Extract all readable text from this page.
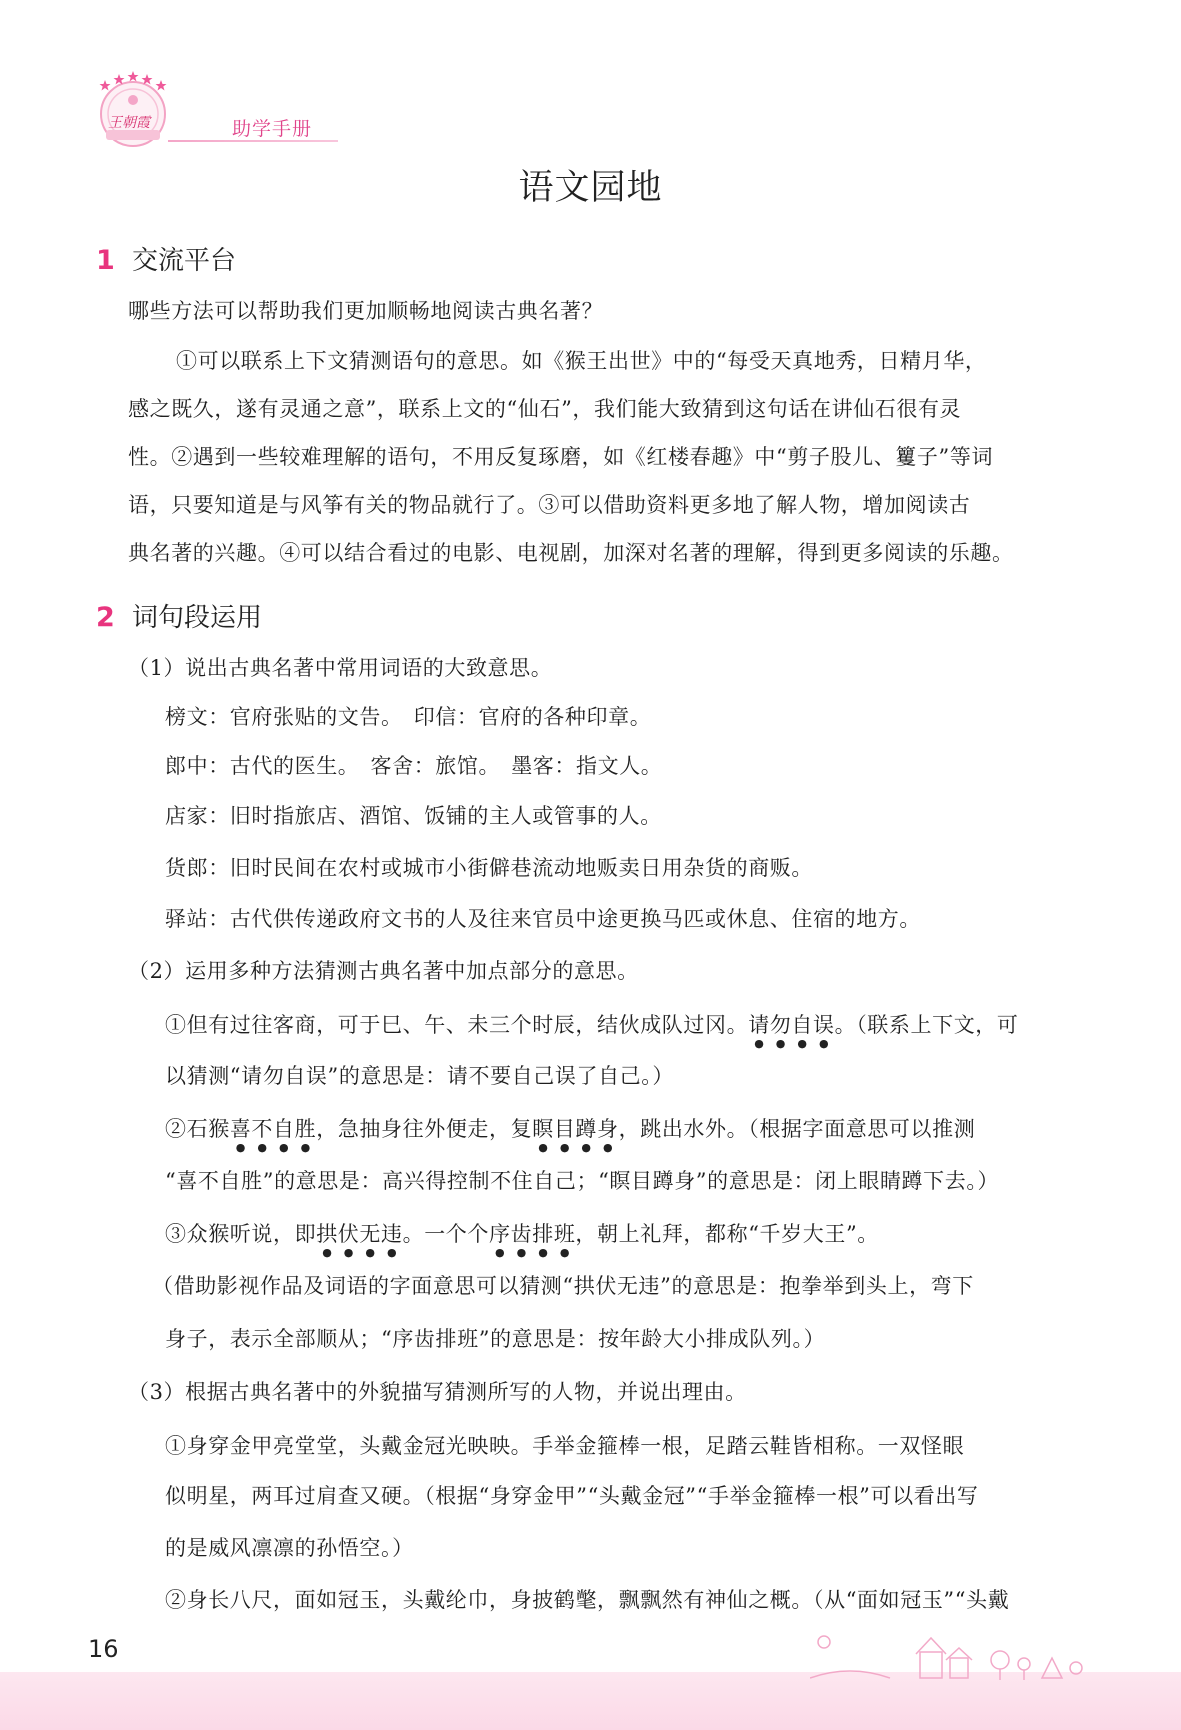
王朝霞	助学手册
语文园地
1 交流平台
哪些方法可以帮助我们更加顺畅地阅读古典名著？
①可以联系上下文猜测语句的意思。如《猴王出世》中的“每受天真地秀，日精月华，
感之既久，遂有灵通之意”，联系上文的“仙石”，我们能大致猜到这句话在讲仙石很有灵
性。②遇到一些较难理解的语句，不用反复琢磨，如《红楼春趣》中“剪子股儿、籰子”等词
语，只要知道是与风筝有关的物品就行了。③可以借助资料更多地了解人物，增加阅读古
典名著的兴趣。④可以结合看过的电影、电视剧，加深对名著的理解，得到更多阅读的乐趣。
2 词句段运用
（1）说出古典名著中常用词语的大致意思。
榜文：官府张贴的文告。　印信：官府的各种印章。
郎中：古代的医生。　客舍：旅馆。　墨客：指文人。
店家：旧时指旅店、酒馆、饭铺的主人或管事的人。
货郎：旧时民间在农村或城市小街僻巷流动地贩卖日用杂货的商贩。
驿站：古代供传递政府文书的人及往来官员中途更换马匹或休息、住宿的地方。
（2）运用多种方法猜测古典名著中加点部分的意思。
①但有过往客商，可于巳、午、未三个时辰，结伙成队过冈。请勿自误。（联系上下文，可
以猜测“请勿自误”的意思是：请不要自己误了自己。）
②石猴喜不自胜，急抽身往外便走，复瞑目蹲身，跳出水外。（根据字面意思可以推测
“喜不自胜”的意思是：高兴得控制不住自己；“瞑目蹲身”的意思是：闭上眼睛蹲下去。）
③众猴听说，即拱伏无违。一个个序齿排班，朝上礼拜，都称“千岁大王”。
（借助影视作品及词语的字面意思可以猜测“拱伏无违”的意思是：抱拳举到头上，弯下
身子，表示全部顺从；“序齿排班”的意思是：按年龄大小排成队列。）
（3）根据古典名著中的外貌描写猜测所写的人物，并说出理由。
①身穿金甲亮堂堂，头戴金冠光映映。手举金箍棒一根，足踏云鞋皆相称。一双怪眼
似明星，两耳过肩查又硬。（根据“身穿金甲”“头戴金冠”“手举金箍棒一根”可以看出写
的是威风凛凛的孙悟空。）
②身长八尺，面如冠玉，头戴纶巾，身披鹤氅，飘飘然有神仙之概。（从“面如冠玉”“头戴
16
